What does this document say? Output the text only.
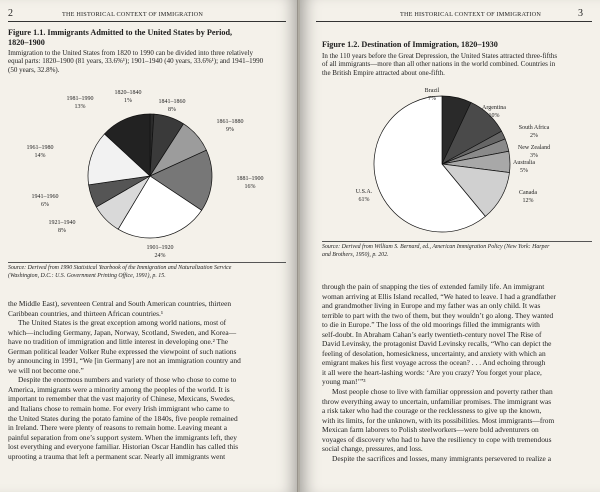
2	THE HISTORICAL CONTEXT OF IMMIGRATION
Figure 1.1. Immigrants Admitted to the United States by Period,
1820–1900
Immigration to the United States from 1820 to 1990 can be divided into three relatively
equal parts: 1820–1900 (81 years, 33.6%¹); 1901–1940 (40 years, 33.6%¹); and 1941–1990
(50 years, 32.8%).
1820–1840 1%	1841–1860 8%
1861–1880 9%
1881–1900 16%
1901–1920 24%
1921–1940 8%
1941–1960 6%
1961–1980 14%
1981–1990 13%
Source: Derived from 1990 Statistical Yearbook of the Immigration and Naturalization Service
(Washington, D.C.: U.S. Government Printing Office, 1991), p. 15.

the Middle East), seventeen Central and South American countries, thirteen

Caribbean countries, and thirteen African countries.¹

The United States is the great exception among world nations, most of

which—including Germany, Japan, Norway, Scotland, Sweden, and Korea—

have no tradition of immigration and little interest in developing one.² The

German political leader Volker Ruhe expressed the viewpoint of such nations

by announcing in 1991, “We [in Germany] are not an immigration country and

we will not become one.”

Despite the enormous numbers and variety of those who chose to come to

America, immigrants were a minority among the peoples of the world. It is

important to remember that the vast majority of Chinese, Mexicans, Swedes,

and Italians chose to remain home. For every Irish immigrant who came to

the United States during the potato famine of the 1840s, five people remained

in Ireland. There were plenty of reasons to remain home. Leaving meant a

painful separation from one’s support system. When the immigrants left, they

lost everything and everyone familiar. Historian Oscar Handlin has called this

uprooting a trauma that left a permanent scar. Nearly all immigrants went

THE HISTORICAL CONTEXT OF IMMIGRATION	3
Figure 1.2. Destination of Immigration, 1820–1930
In the 110 years before the Great Depression, the United States attracted three-fifths
of all immigrants—more than all other nations in the world combined. Countries in
the British Empire attracted about one-fifth.
Brazil 7%
Argentina 10%
South Africa 2%
New Zealand 3%
Australia 5%
Canada 12%
U.S.A. 61%
Source: Derived from William S. Bernard, ed., American Immigration Policy (New York: Harper
and Brothers, 1950), p. 202.

through the pain of snapping the ties of extended family life. An immigrant

woman arriving at Ellis Island recalled, “We hated to leave. I had a grandfather

and grandmother living in Europe and my father was an only child. It was

terrible to part with the two of them, but they wouldn’t go along. They wanted

to die in Europe.” The loss of the old moorings filled the immigrants with

self-doubt. In Abraham Cahan’s early twentieth-century novel The Rise of

David Levinsky, the protagonist David Levinsky recalls, “Who can depict the

feeling of desolation, homesickness, uncertainty, and anxiety with which an

emigrant makes his first voyage across the ocean? . . . And echoing through

it all were the heart-lashing words: ‘Are you crazy? You forget your place,

young man!’”³

Most people chose to live with familiar oppression and poverty rather than

throw everything away to uncertain, unfamiliar promises. The immigrant was

a risk taker who had the courage or the recklessness to give up the known,

with its limits, for the unknown, with its possibilities. Most immigrants—from

Mexican farm laborers to Polish steelworkers—were bold adventurers on

voyages of discovery who had to have the resiliency to cope with tremendous

social change, pressures, and loss.

Despite the sacrifices and losses, many immigrants persevered to realize a
